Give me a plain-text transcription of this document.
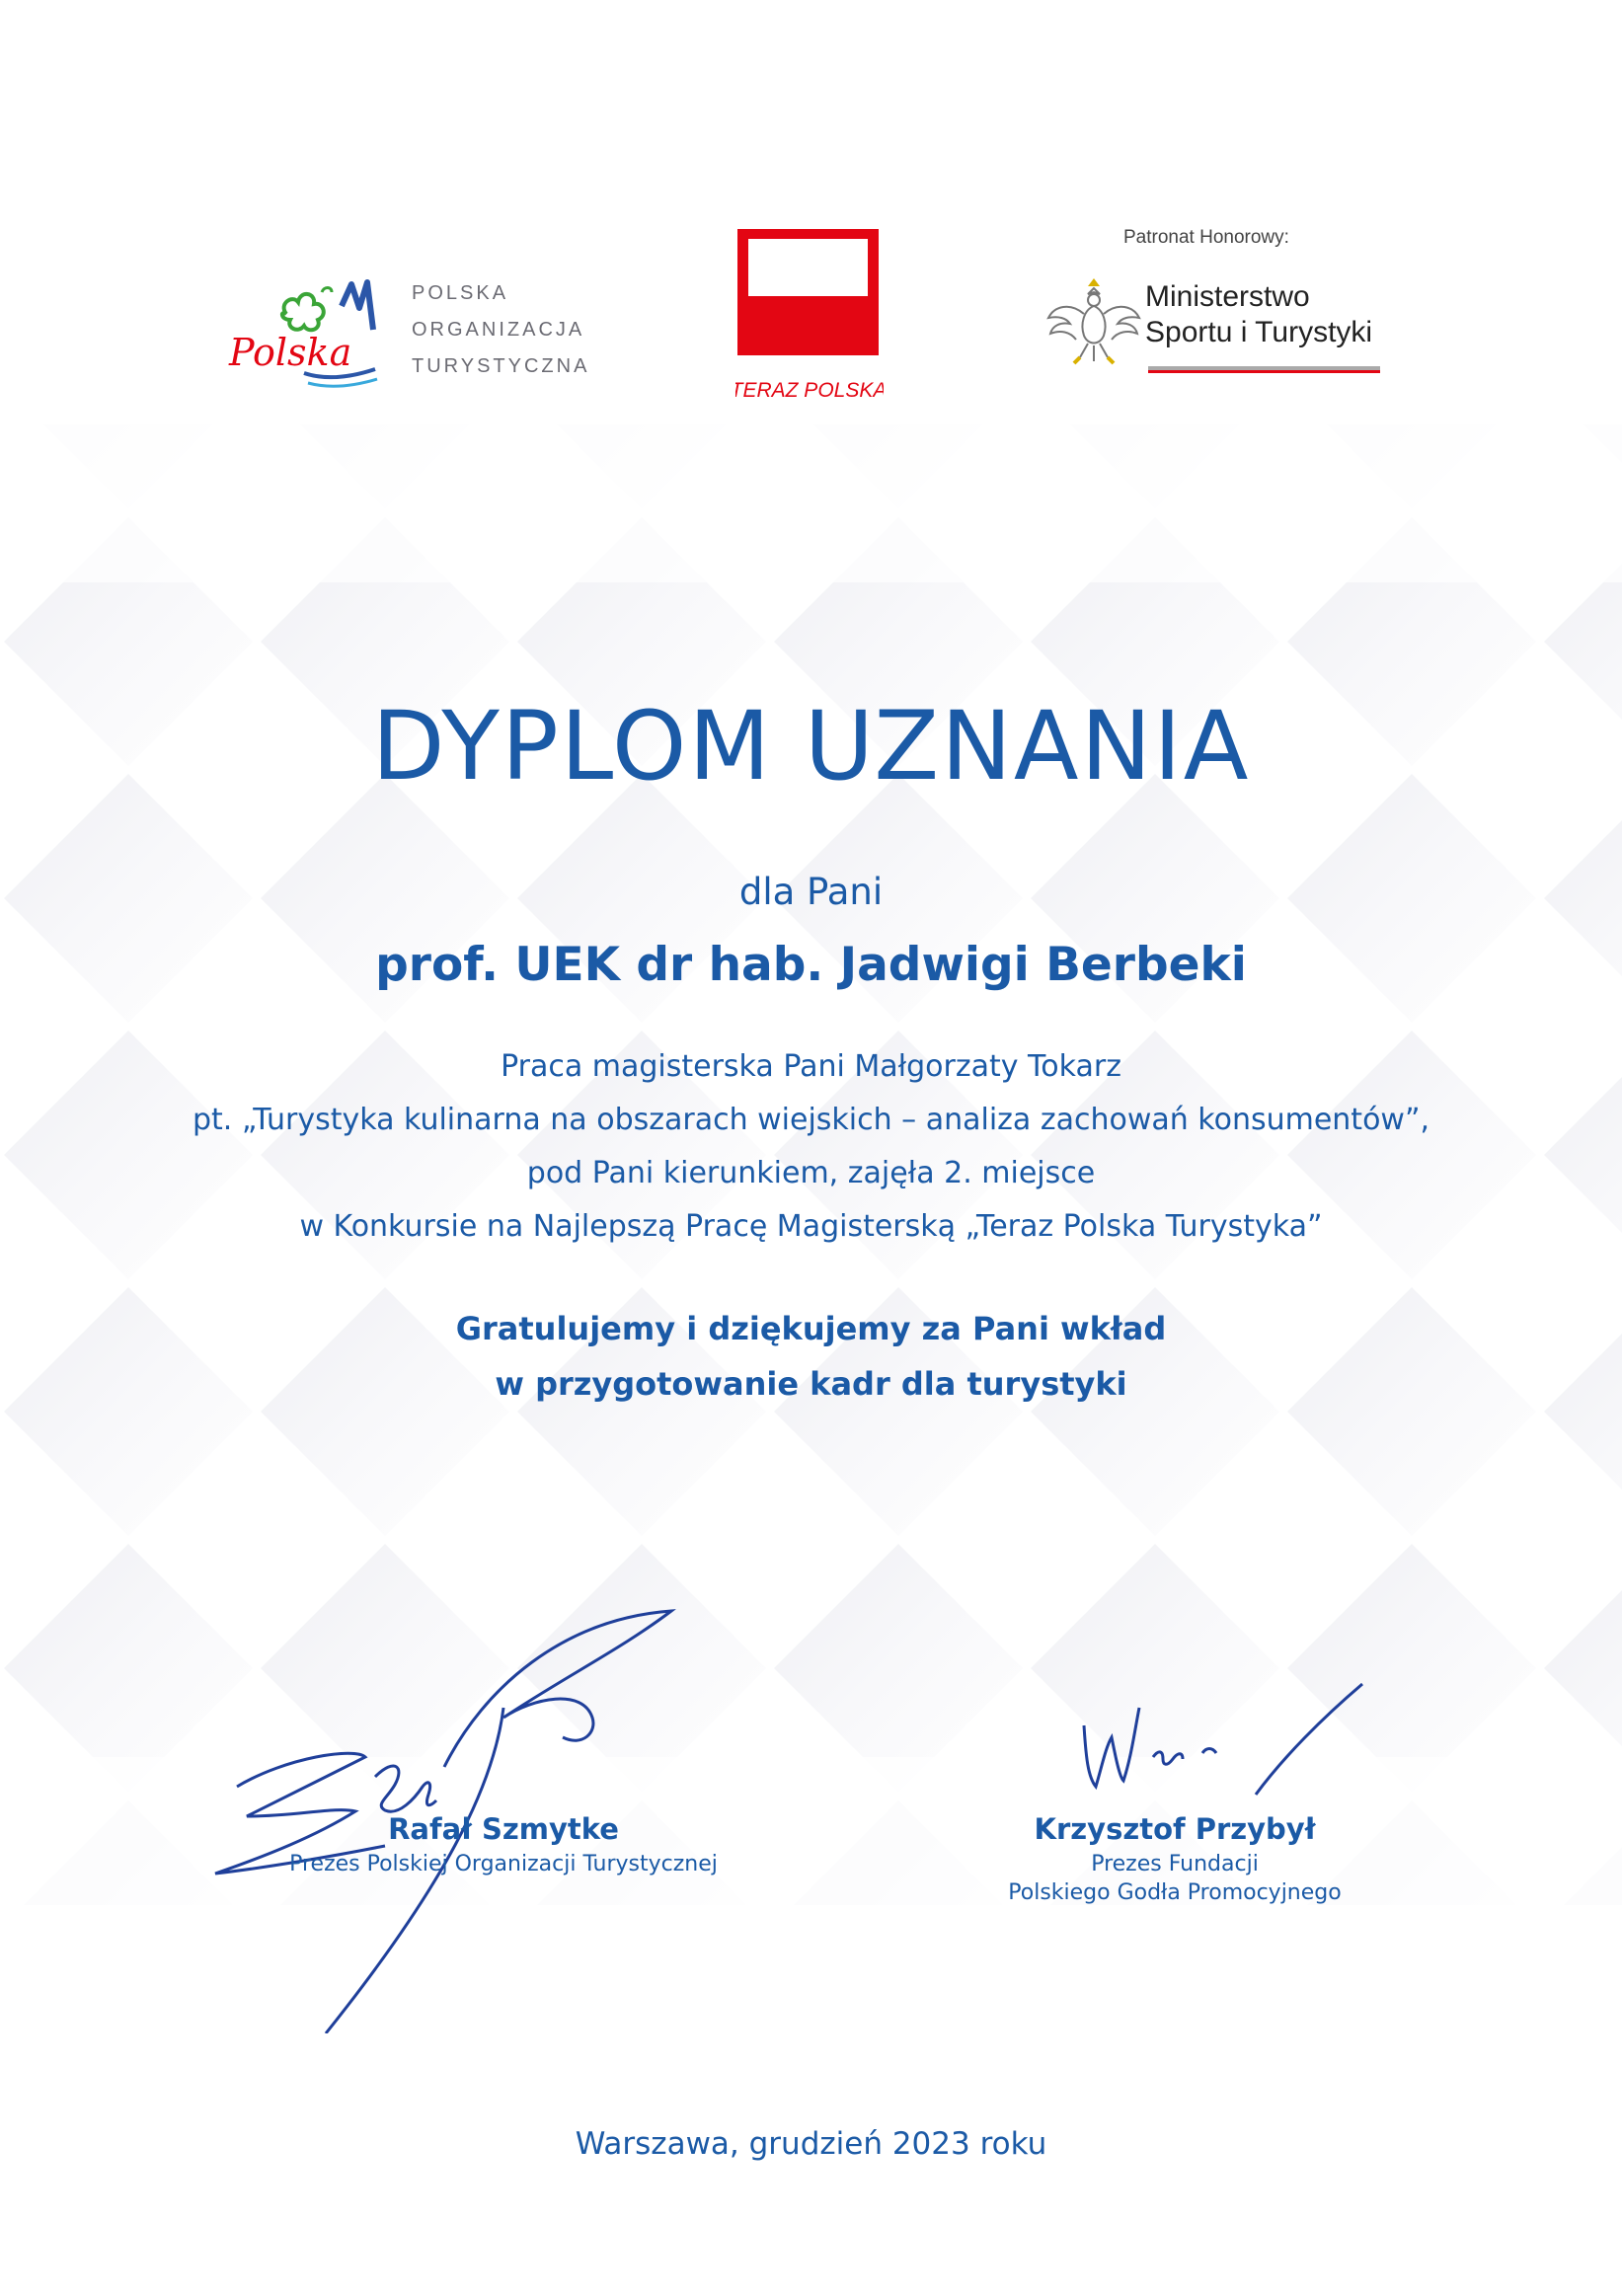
Polska
POLSKA
ORGANIZACJA
TURYSTYCZNA
TERAZ POLSKA
Patronat Honorowy:
Ministerstwo
Sportu i Turystyki
DYPLOM UZNANIA
dla Pani
prof. UEK dr hab. Jadwigi Berbeki
Praca magisterska Pani Małgorzaty Tokarz
pt. „Turystyka kulinarna na obszarach wiejskich – analiza zachowań konsumentów”,
pod Pani kierunkiem, zajęła 2. miejsce
w Konkursie na Najlepszą Pracę Magisterską „Teraz Polska Turystyka”
Gratulujemy i dziękujemy za Pani wkład
w przygotowanie kadr dla turystyki
Rafał Szmytke
Prezes Polskiej Organizacji Turystycznej
Krzysztof Przybył
Prezes Fundacji
Polskiego Godła Promocyjnego
Warszawa, grudzień 2023 roku
